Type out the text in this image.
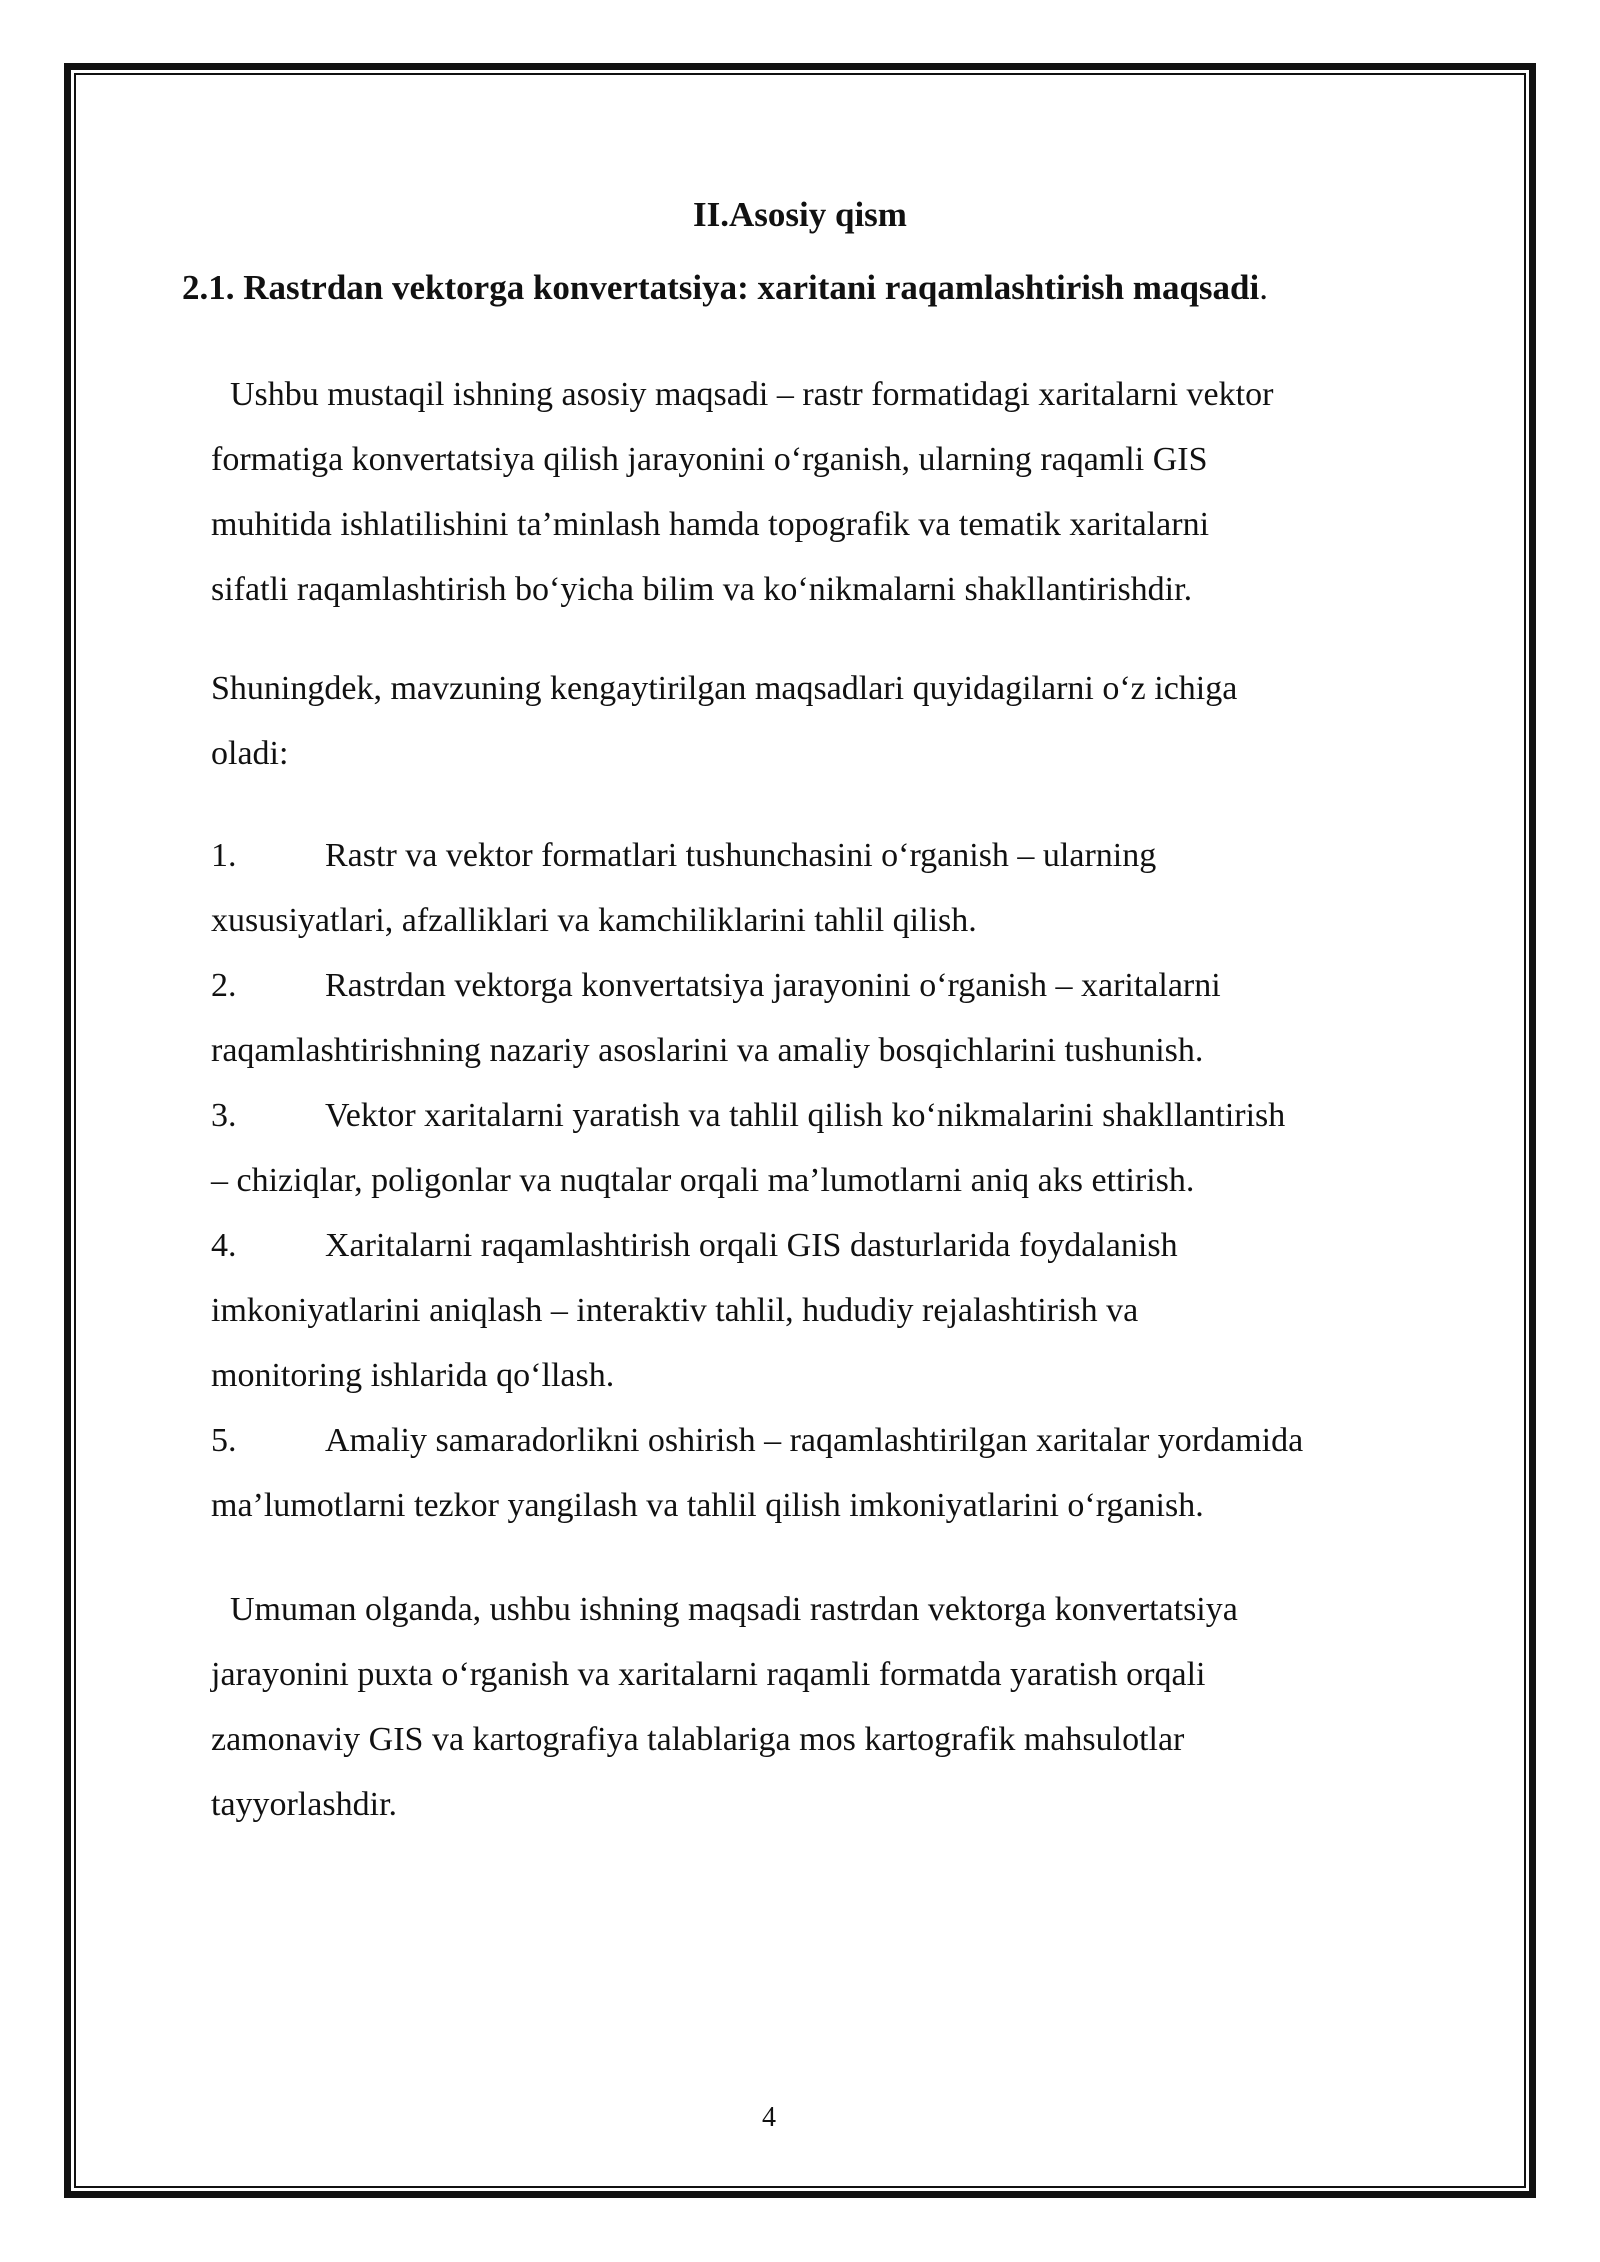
II.Asosiy qism
2.1. Rastrdan vektorga konvertatsiya: xaritani raqamlashtirish maqsadi.
Ushbu mustaqil ishning asosiy maqsadi – rastr formatidagi xaritalarni vektor
formatiga konvertatsiya qilish jarayonini o‘rganish, ularning raqamli GIS
muhitida ishlatilishini ta’minlash hamda topografik va tematik xaritalarni
sifatli raqamlashtirish bo‘yicha bilim va ko‘nikmalarni shakllantirishdir.
Shuningdek, mavzuning kengaytirilgan maqsadlari quyidagilarni o‘z ichiga
oladi:
1.	Rastr va vektor formatlari tushunchasini o‘rganish – ularning
xususiyatlari, afzalliklari va kamchiliklarini tahlil qilish.
2.	Rastrdan vektorga konvertatsiya jarayonini o‘rganish – xaritalarni
raqamlashtirishning nazariy asoslarini va amaliy bosqichlarini tushunish.
3.	Vektor xaritalarni yaratish va tahlil qilish ko‘nikmalarini shakllantirish
– chiziqlar, poligonlar va nuqtalar orqali ma’lumotlarni aniq aks ettirish.
4.	Xaritalarni raqamlashtirish orqali GIS dasturlarida foydalanish
imkoniyatlarini aniqlash – interaktiv tahlil, hududiy rejalashtirish va
monitoring ishlarida qo‘llash.
5.	Amaliy samaradorlikni oshirish – raqamlashtirilgan xaritalar yordamida
ma’lumotlarni tezkor yangilash va tahlil qilish imkoniyatlarini o‘rganish.
Umuman olganda, ushbu ishning maqsadi rastrdan vektorga konvertatsiya
jarayonini puxta o‘rganish va xaritalarni raqamli formatda yaratish orqali
zamonaviy GIS va kartografiya talablariga mos kartografik mahsulotlar
tayyorlashdir.
4
